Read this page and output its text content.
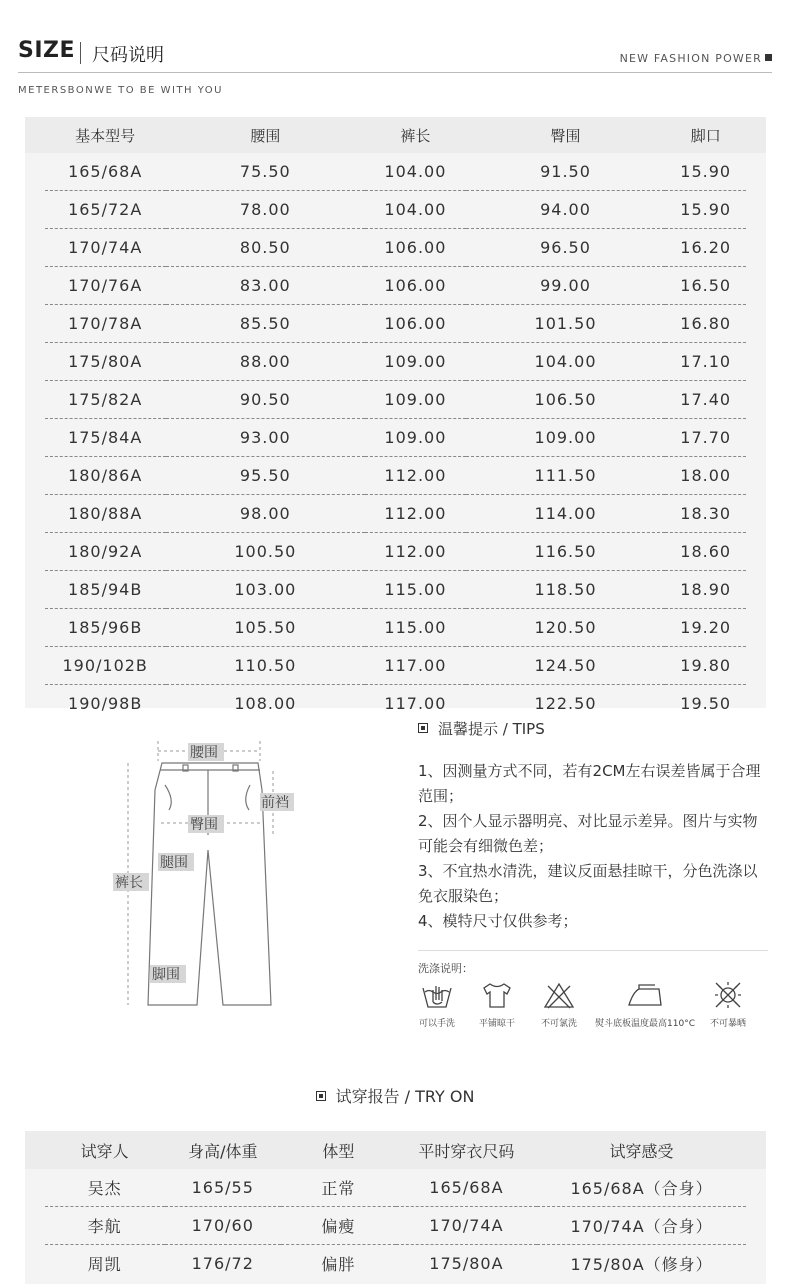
SIZE 尺码说明	NEW FASHION POWER
METERSBONWE TO BE WITH YOU
	基本型号	腰围	裤长	臀围	脚口	
	165/68A	75.50	104.00	91.50	15.90	
	165/72A	78.00	104.00	94.00	15.90	
	170/74A	80.50	106.00	96.50	16.20	
	170/76A	83.00	106.00	99.00	16.50	
	170/78A	85.50	106.00	101.50	16.80	
	175/80A	88.00	109.00	104.00	17.10	
	175/82A	90.50	109.00	106.50	17.40	
	175/84A	93.00	109.00	109.00	17.70	
	180/86A	95.50	112.00	111.50	18.00	
	180/88A	98.00	112.00	114.00	18.30	
	180/92A	100.50	112.00	116.50	18.60	
	185/94B	103.00	115.00	118.50	18.90	
	185/96B	105.50	115.00	120.50	19.20	
	190/102B	110.50	117.00	124.50	19.80	
	190/98B	108.00	117.00	122.50	19.50	
腰围
前裆
臀围
腿围
裤长
脚围
温馨提示 / TIPS
1、因测量方式不同，若有2CM左右误差皆属于合理范围；
2、因个人显示器明亮、对比显示差异。图片与实物可能会有细微色差；
3、不宜热水清洗，建议反面悬挂晾干，分色洗涤以免衣服染色；
4、模特尺寸仅供参考；
洗涤说明：
可以手洗	平铺晾干	不可氯洗	熨斗底板温度最高110°C	不可暴晒
试穿报告 / TRY ON
	试穿人	身高/体重	体型	平时穿衣尺码	试穿感受	
	吴杰	165/55	正常	165/68A	165/68A（合身）	
	李航	170/60	偏瘦	170/74A	170/74A（合身）	
	周凯	176/72	偏胖	175/80A	175/80A（修身）	
